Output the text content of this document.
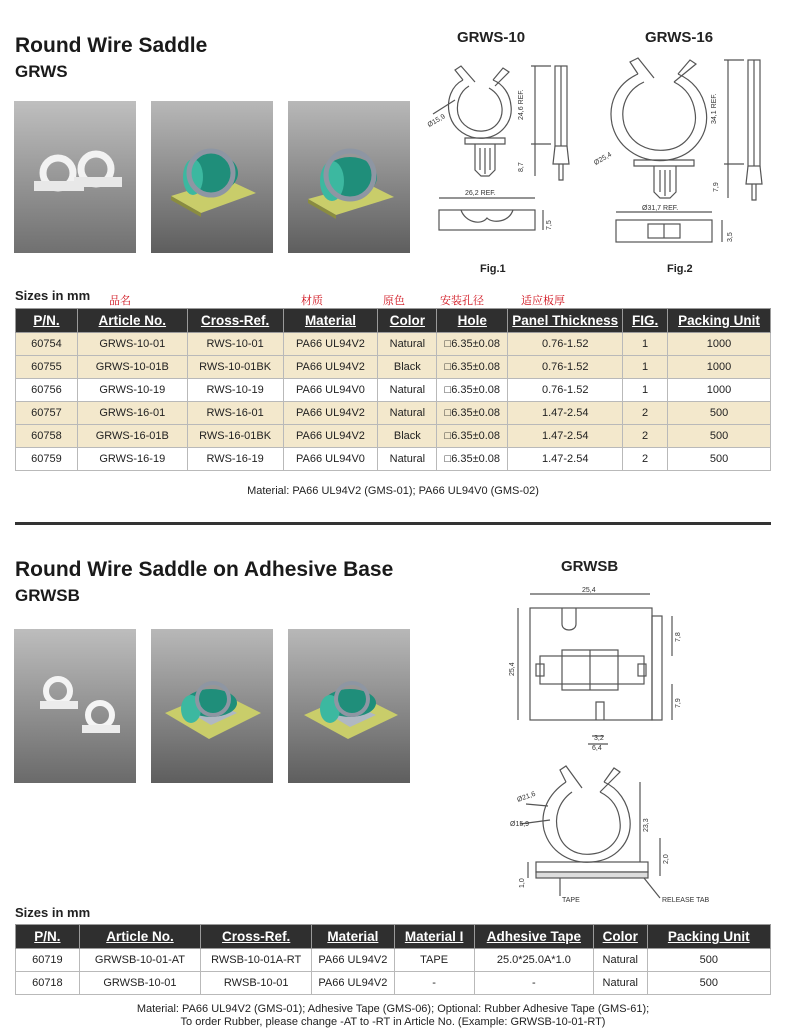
Round Wire Saddle
GRWS
GRWS-10	GRWS-16
Ø15,9
24,6 REF.
8,7
26,2 REF.
7,5
Ø25,4
34,1 REF.
7,9
Ø31,7 REF.
3,5
Fig.1	Fig.2
Sizes in mm 品名	材质	原色	安装孔径	适应板厚
P/N.	Article No.	Cross-Ref.	Material	Color	Hole	Panel Thickness	FIG.	Packing Unit
60754	GRWS-10-01	RWS-10-01	PA66 UL94V2	Natural	□6.35±0.08	0.76-1.52	1	1000
60755	GRWS-10-01B	RWS-10-01BK	PA66 UL94V2	Black	□6.35±0.08	0.76-1.52	1	1000
60756	GRWS-10-19	RWS-10-19	PA66 UL94V0	Natural	□6.35±0.08	0.76-1.52	1	1000
60757	GRWS-16-01	RWS-16-01	PA66 UL94V2	Natural	□6.35±0.08	1.47-2.54	2	500
60758	GRWS-16-01B	RWS-16-01BK	PA66 UL94V2	Black	□6.35±0.08	1.47-2.54	2	500
60759	GRWS-16-19	RWS-16-19	PA66 UL94V0	Natural	□6.35±0.08	1.47-2.54	2	500
Material: PA66 UL94V2 (GMS-01); PA66 UL94V0 (GMS-02)
Round Wire Saddle on Adhesive Base
GRWSB
GRWSB
25,4
25,4
7,8
7,9
3,2
6,4
Ø21,6
Ø15,9	23,3
2,0
1,0
TAPE	RELEASE TAB
Sizes in mm
P/N.	Article No.	Cross-Ref.	Material	Material I	Adhesive Tape	Color	Packing Unit
60719	GRWSB-10-01-AT	RWSB-10-01A-RT	PA66 UL94V2	TAPE	25.0*25.0A*1.0	Natural	500
60718	GRWSB-10-01	RWSB-10-01	PA66 UL94V2	-	-	Natural	500
Material: PA66 UL94V2 (GMS-01); Adhesive Tape (GMS-06); Optional: Rubber Adhesive Tape (GMS-61);
To order Rubber, please change -AT to -RT in Article No. (Example: GRWSB-10-01-RT)
